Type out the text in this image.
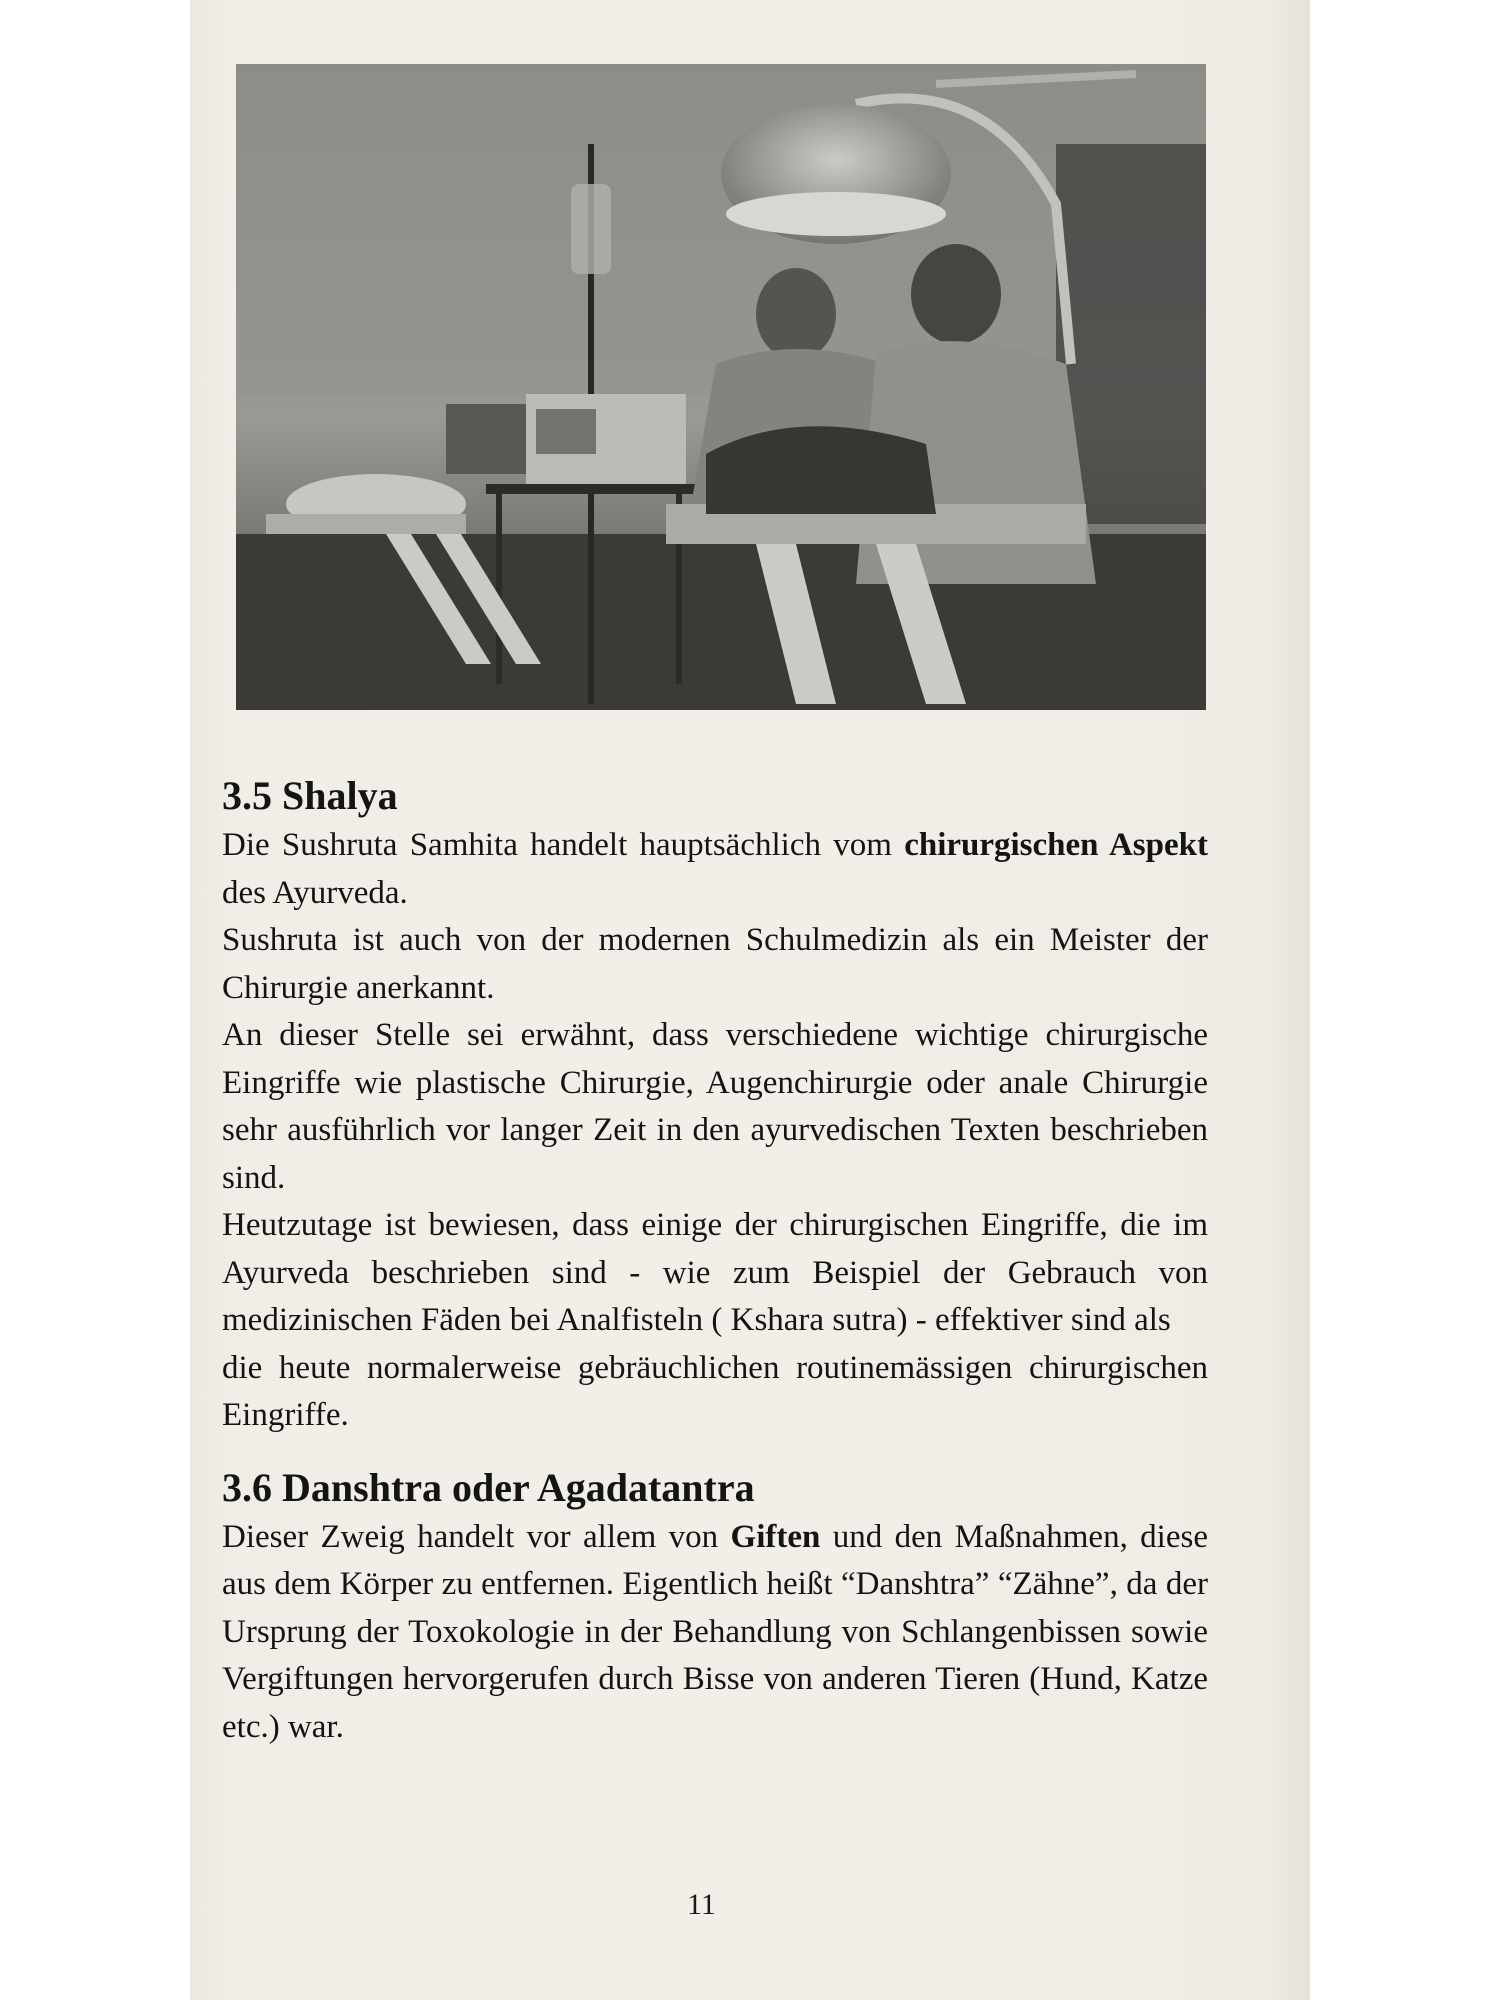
3.5 Shalya

Die Sushruta Samhita handelt hauptsächlich vom chirurgischen Aspekt des Ayurveda.

Sushruta ist auch von der modernen Schulmedizin als ein Meister der Chirurgie anerkannt.

An dieser Stelle sei erwähnt, dass verschiedene wichtige chirurgische Eingriffe wie plastische Chirurgie, Augenchirurgie oder anale Chirurgie sehr ausführlich vor langer Zeit in den ayurvedischen Texten beschrieben sind.

Heutzutage ist bewiesen, dass einige der chirurgischen Eingriffe, die im Ayurveda beschrieben sind - wie zum Beispiel der Gebrauch von medizinischen Fäden bei Analfisteln ( Kshara sutra) - effektiver sind als

die heute normalerweise gebräuchlichen routinemässigen chirurgischen Eingriffe.

3.6 Danshtra oder Agadatantra

Dieser Zweig handelt vor allem von Giften und den Maßnahmen, diese aus dem Körper zu entfernen. Eigentlich heißt “Danshtra” “Zähne”, da der Ursprung der Toxokologie in der Behandlung von Schlangenbissen sowie Vergiftungen hervorgerufen durch Bisse von anderen Tieren (Hund, Katze etc.) war.

11
